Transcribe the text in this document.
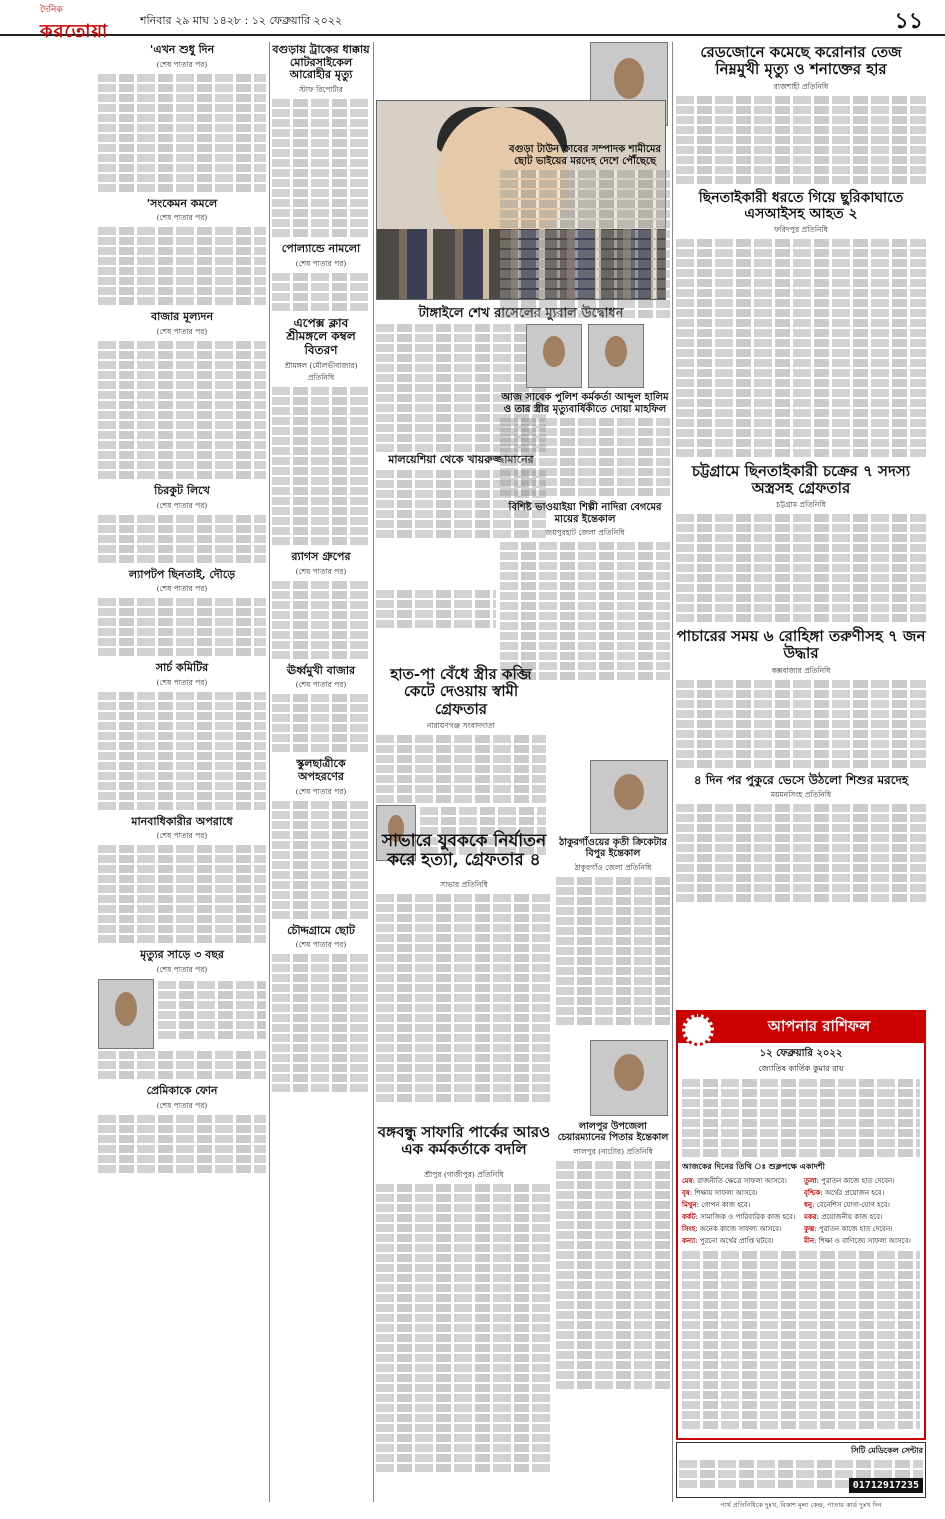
দৈনিক
করতোয়া
শনিবার ২৯ মাঘ ১৪২৮ : ১২ ফেব্রুয়ারি ২০২২	১১
'এখন শুধু দিন
(শেষ পাতার পর)
'সংকেমন কমলে
(শেষ পাতার পর)
বাজার মূল্যদন
(শেষ পাতার পর)
চিরকুট লিখে
(শেষ পাতার পর)
ল্যাপটপ ছিনতাই, দৌড়ে
(শেষ পাতার পর)
সার্চ কমিটির
(শেষ পাতার পর)
মানবাধিকারীর অপরাধে
(শেষ পাতার পর)
মৃত্যুর সাড়ে ৩ বছর
(শেষ পাতার পর)
প্রেমিকাকে ফোন
(শেষ পাতার পর)
বগুড়ায় ট্রাকের ধাক্কায় মোটরসাইকেল আরোহীর মৃত্যু
স্টাফ রিপোর্টার
পোল্যান্ডে নামলো
(শেষ পাতার পর)
এপেক্স ক্লাব শ্রীমঙ্গলে কম্বল বিতরণ
শ্রীমঙ্গল (মৌলভীবাজার) প্রতিনিধি
র‍্যাগস গ্রুপের
(শেষ পাতার পর)
ঊর্ধ্বমুখী বাজার
(শেষ পাতার পর)
স্কুলছাত্রীকে অপহরণের
(শেষ পাতার পর)
চৌদ্দগ্রামে ছোট
(শেষ পাতার পর)
টাঙ্গাইলে শেখ রাসেলের ম্যুরাল উদ্বোধন
মালয়েশিয়া থেকে খায়রুজ্জামানের
বগুড়া টাউন ক্লাবের সম্পাদক শামীমের ছোট ভাইয়ের মরদেহ দেশে পৌঁছেছে
আজ সাবেক পুলিশ কর্মকর্তা আব্দুল হালিম ও তার স্ত্রীর মৃত্যুবার্ষিকীতে দোয়া মাহফিল
বিশিষ্ট ভাওয়াইয়া শিল্পী নাদিরা বেগমের মায়ের ইন্তেকাল
জয়পুরহাট জেলা প্রতিনিধি
হাত-পা বেঁধে স্ত্রীর কব্জি কেটে দেওয়ায় স্বামী গ্রেফতার
নারায়ণগঞ্জ সংবাদদাতা
ঠাকুরগাঁওয়ের কৃতী ক্রিকেটার বিপুর ইন্তেকাল
ঠাকুরগাঁও জেলা প্রতিনিধি
সাভারে যুবককে নির্যাতন করে হত্যা, গ্রেফতার ৪
সাভার প্রতিনিধি
বঙ্গবন্ধু সাফারি পার্কের আরও এক কর্মকর্তাকে বদলি
শ্রীপুর (গাজীপুর) প্রতিনিধি
লালপুর উপজেলা চেয়ারম্যানের পিতার ইন্তেকাল
লালপুর (নাটোর) প্রতিনিধি
রেডজোনে কমেছে করোনার তেজ নিম্নমুখী মৃত্যু ও শনাক্তের হার
রাজশাহী প্রতিনিধি
ছিনতাইকারী ধরতে গিয়ে ছুরিকাঘাতে এসআইসহ আহত ২
ফরিদপুর প্রতিনিধি
চট্টগ্রামে ছিনতাইকারী চক্রের ৭ সদস্য অস্ত্রসহ গ্রেফতার
চট্টগ্রাম প্রতিনিধি
পাচারের সময় ৬ রোহিঙ্গা তরুণীসহ ৭ জন উদ্ধার
কক্সবাজার প্রতিনিধি
৪ দিন পর পুকুরে ভেসে উঠলো শিশুর মরদেহ
ময়মনসিংহ প্রতিনিধি
আপনার রাশিফল
১২ ফেব্রুয়ারি ২০২২
জ্যোতিষ কার্তিক কুমার রায়
আজকের দিনের তিথি ঃ শুক্লপক্ষে একাদশী
মেষ: রাজনীতি ক্ষেত্রে সাফল্য আসবে।	তুলা: পুরাতন কাজে হাত দেবেন।
বৃষ: শিক্ষায় সাফল্য আসবে।	বৃশ্চিক: অর্থের প্রয়োজন হবে।
মিথুন: গোপন কাজ হবে।	ধনু: বেনেশিস যোগা-যোগ হবে।
কর্কট: সামাজিক ও পারিবারিক কাজ হবে।	মকর: প্রয়োজনীয় কাজ হবে।
সিংহ: অনেক কাজে সাফল্য আসবে।	কুম্ভ: পুরাতন কাজে হাত দেবেন।
কন্যা: পুরনো অর্থের প্রাপ্তি ঘটবে।	মীন: শিক্ষা ও বাণিজ্যে সাফল্য আসবে।
সিটি মেডিকেল সেন্টার
01712917235
পার্থ প্রতিনিধিকে দুঃখ, বিকাশ মূল্য কেন্দ্র, পাতায় কার্ড দুঃখ দিন
